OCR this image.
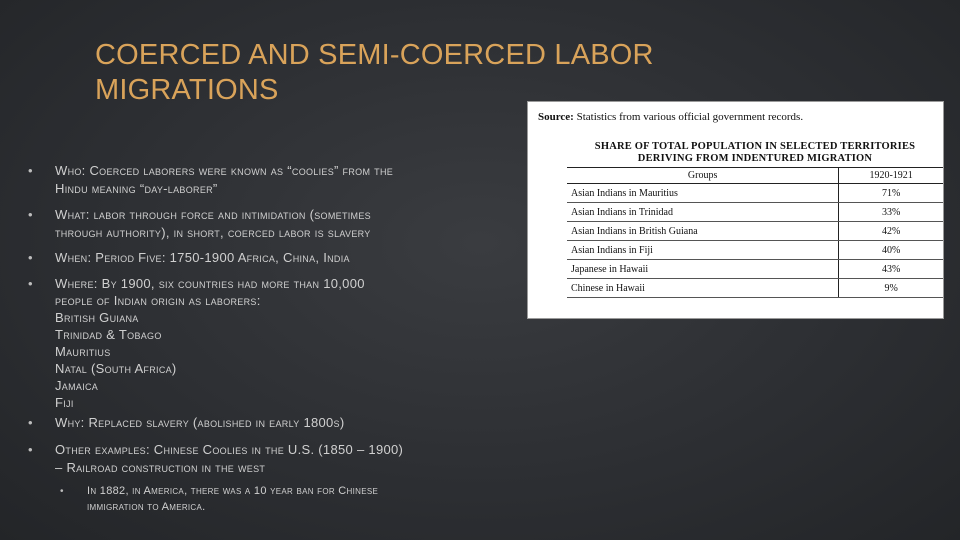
COERCED AND SEMI-COERCED LABOR MIGRATIONS
• Who: Coerced laborers were known as “coolies” from the
Hindu meaning “day-laborer”
• What: labor through force and intimidation (sometimes
through authority), in short, coerced labor is slavery
• When: Period Five: 1750-1900 Africa, China, India
• Where: By 1900, six countries had more than 10,000
people of Indian origin as laborers:
British Guiana
Trinidad & Tobago
Mauritius
Natal (South Africa)
Jamaica
Fiji
• Why: Replaced slavery (abolished in early 1800s)
• Other examples: Chinese Coolies in the U.S. (1850 – 1900)
– Railroad construction in the west
• In 1882, in America, there was a 10 year ban for Chinese
immigration to America.
Source: Statistics from various official government records.
SHARE OF TOTAL POPULATION IN SELECTED TERRITORIES DERIVING FROM INDENTURED MIGRATION
Groups	1920-1921
Asian Indians in Mauritius	71%
Asian Indians in Trinidad	33%
Asian Indians in British Guiana	42%
Asian Indians in Fiji	40%
Japanese in Hawaii	43%
Chinese in Hawaii	9%
